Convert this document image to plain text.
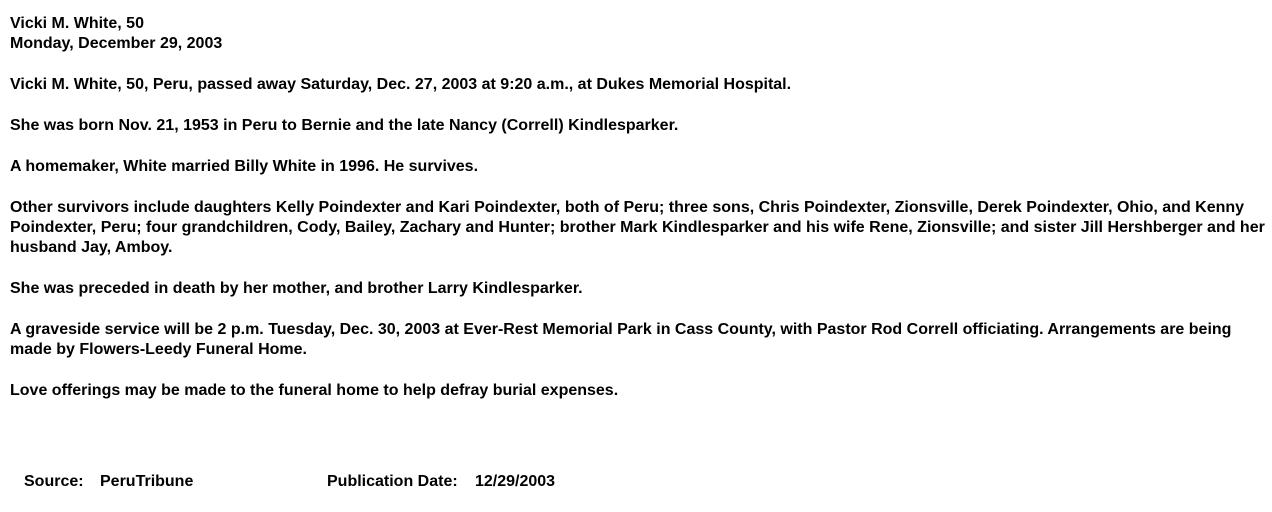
Vicki M. White, 50
Monday, December 29, 2003

Vicki M. White, 50, Peru, passed away Saturday, Dec. 27, 2003 at 9:20 a.m., at Dukes Memorial Hospital.

She was born Nov. 21, 1953 in Peru to Bernie and the late Nancy (Correll) Kindlesparker.

A homemaker, White married Billy White in 1996. He survives.

Other survivors include daughters Kelly Poindexter and Kari Poindexter, both of Peru; three sons, Chris Poindexter, Zionsville, Derek Poindexter, Ohio, and Kenny Poindexter, Peru; four grandchildren, Cody, Bailey, Zachary and Hunter; brother Mark Kindlesparker and his wife Rene, Zionsville; and sister Jill Hershberger and her husband Jay, Amboy.

She was preceded in death by her mother, and brother Larry Kindlesparker.

A graveside service will be 2 p.m. Tuesday, Dec. 30, 2003 at Ever-Rest Memorial Park in Cass County, with Pastor Rod Correll officiating. Arrangements are being made by Flowers-Leedy Funeral Home.

Love offerings may be made to the funeral home to help defray burial expenses.

Source: PeruTribune	Publication Date: 12/29/2003
